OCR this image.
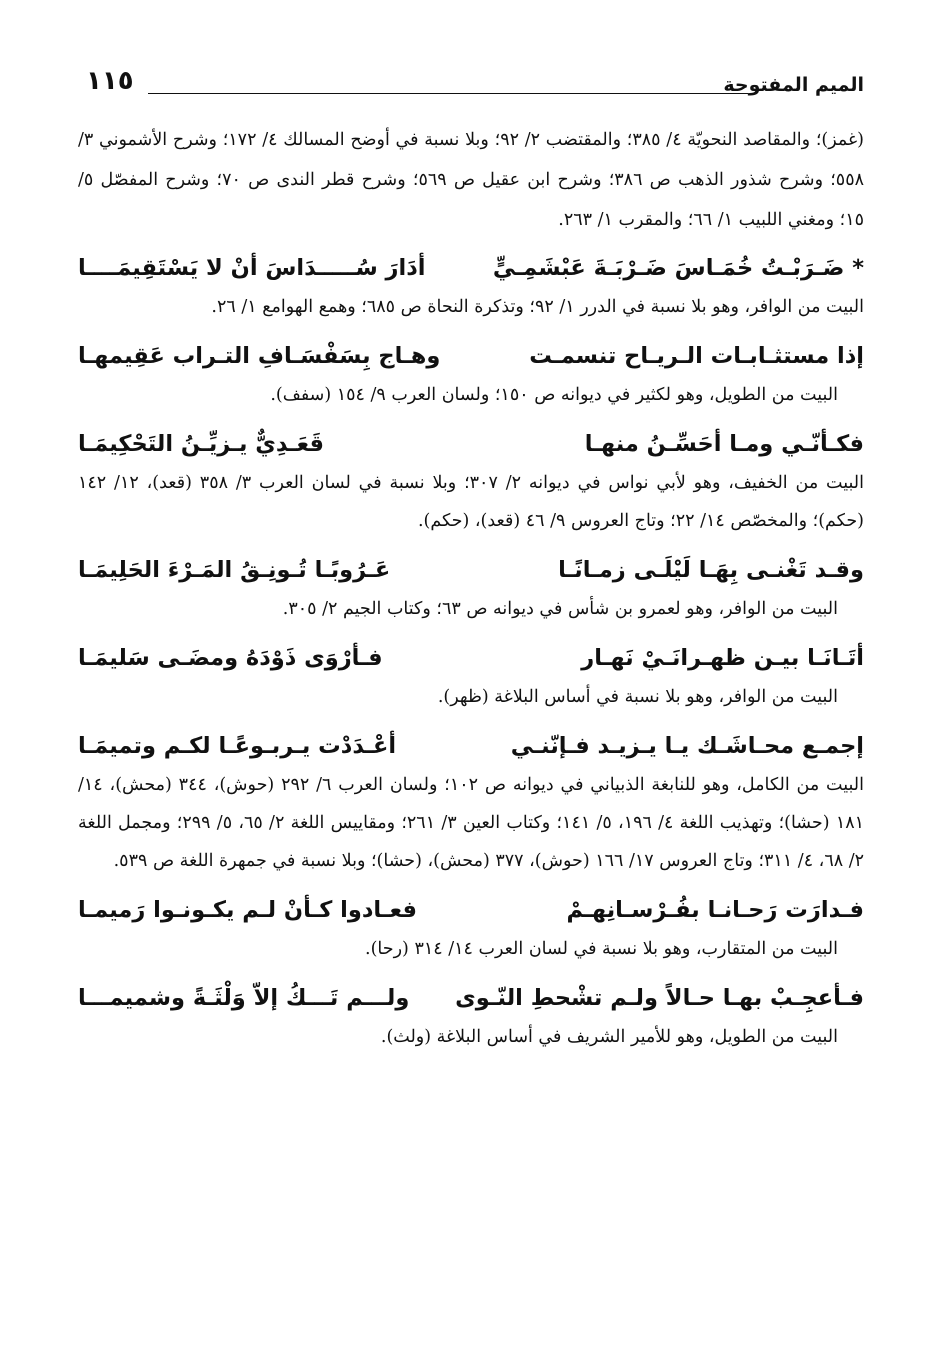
١١٥	الميم المفتوحة

(غمز)؛ والمقاصد النحويّة ٤/ ٣٨٥؛ والمقتضب ٢/ ٩٢؛ وبلا نسبة في أوضح المسالك ٤/ ١٧٢؛ وشرح الأشموني ٣/ ٥٥٨؛ وشرح شذور الذهب ص ٣٨٦؛ وشرح ابن عقيل ص ٥٦٩؛ وشرح قطر الندى ص ٧٠؛ وشرح المفصّل ٥/ ١٥؛ ومغني اللبيب ١/ ٦٦؛ والمقرب ١/ ٢٦٣.

* ضَـرَبْـتُ خُمَـاسَ ضَـرْبَـةَ عَبْشَمِـيٍّ
أدَارَ سُـــــدَاسَ أنْ لا يَسْتَقِيمَــــا

البيت من الوافر، وهو بلا نسبة في الدرر ١/ ٩٢؛ وتذكرة النحاة ص ٦٨٥؛ وهمع الهوامع ١/ ٢٦.

إذا مستثـابـات الـريـاح تنسمـت
وهـاج بِسَفْسَـافِ التـراب عَقِيمهـا

البيت من الطويل، وهو لكثير في ديوانه ص ١٥٠؛ ولسان العرب ٩/ ١٥٤ (سفف).

فكـأنّـي ومـا أحَسِّـنُ منهـا
قَعَـدِيٌّ يـزيِّـنُ التَحْكِيمَـا

البيت من الخفيف، وهو لأبي نواس في ديوانه ٢/ ٣٠٧؛ وبلا نسبة في لسان العرب ٣/ ٣٥٨ (قعد)، ١٢/ ١٤٢ (حكم)؛ والمخصّص ١٤/ ٢٢؛ وتاج العروس ٩/ ٤٦ (قعد)، (حكم).

وقـد تَغْنـى بِهَـا لَيْلَـى زمـانًـا
عَـرُوبًـا تُـونِـقُ المَـرْءَ الحَلِيمَـا

البيت من الوافر، وهو لعمرو بن شأس في ديوانه ص ٦٣؛ وكتاب الجيم ٢/ ٣٠٥.

أتَـانَـا بيـن ظهـرانَـيْ نَهـار
فـأرْوَى ذَوْدَهُ ومضَـى سَليمَـا

البيت من الوافر، وهو بلا نسبة في أساس البلاغة (ظهر).

إجمـع محـاشَـك يـا يـزيـد فـإنّنـي
أعْـدَدْت يـربـوعًـا لكـم وتميمَـا

البيت من الكامل، وهو للنابغة الذبياني في ديوانه ص ١٠٢؛ ولسان العرب ٦/ ٢٩٢ (حوش)، ٣٤٤ (محش)، ١٤/ ١٨١ (حشا)؛ وتهذيب اللغة ٤/ ١٩٦، ٥/ ١٤١؛ وكتاب العين ٣/ ٢٦١؛ ومقاييس اللغة ٢/ ٦٥، ٥/ ٢٩٩؛ ومجمل اللغة ٢/ ٦٨، ٤/ ٣١١؛ وتاج العروس ١٧/ ١٦٦ (حوش)، ٣٧٧ (محش)، (حشا)؛ وبلا نسبة في جمهرة اللغة ص ٥٣٩.

فـدارَت رَحـانـا بفُـرْسـانِهـمْ
فعـادوا كـأنْ لـم يكـونـوا رَميمـا

البيت من المتقارب، وهو بلا نسبة في لسان العرب ١٤/ ٣١٤ (رحا).

فـأعجِـبْ بهـا حـالاً ولـم تشْحطِ النّـوى
ولـــم تَـــكُ إلاّ وَلْثَـةً وشميمـــا

البيت من الطويل، وهو للأمير الشريف في أساس البلاغة (ولث).
